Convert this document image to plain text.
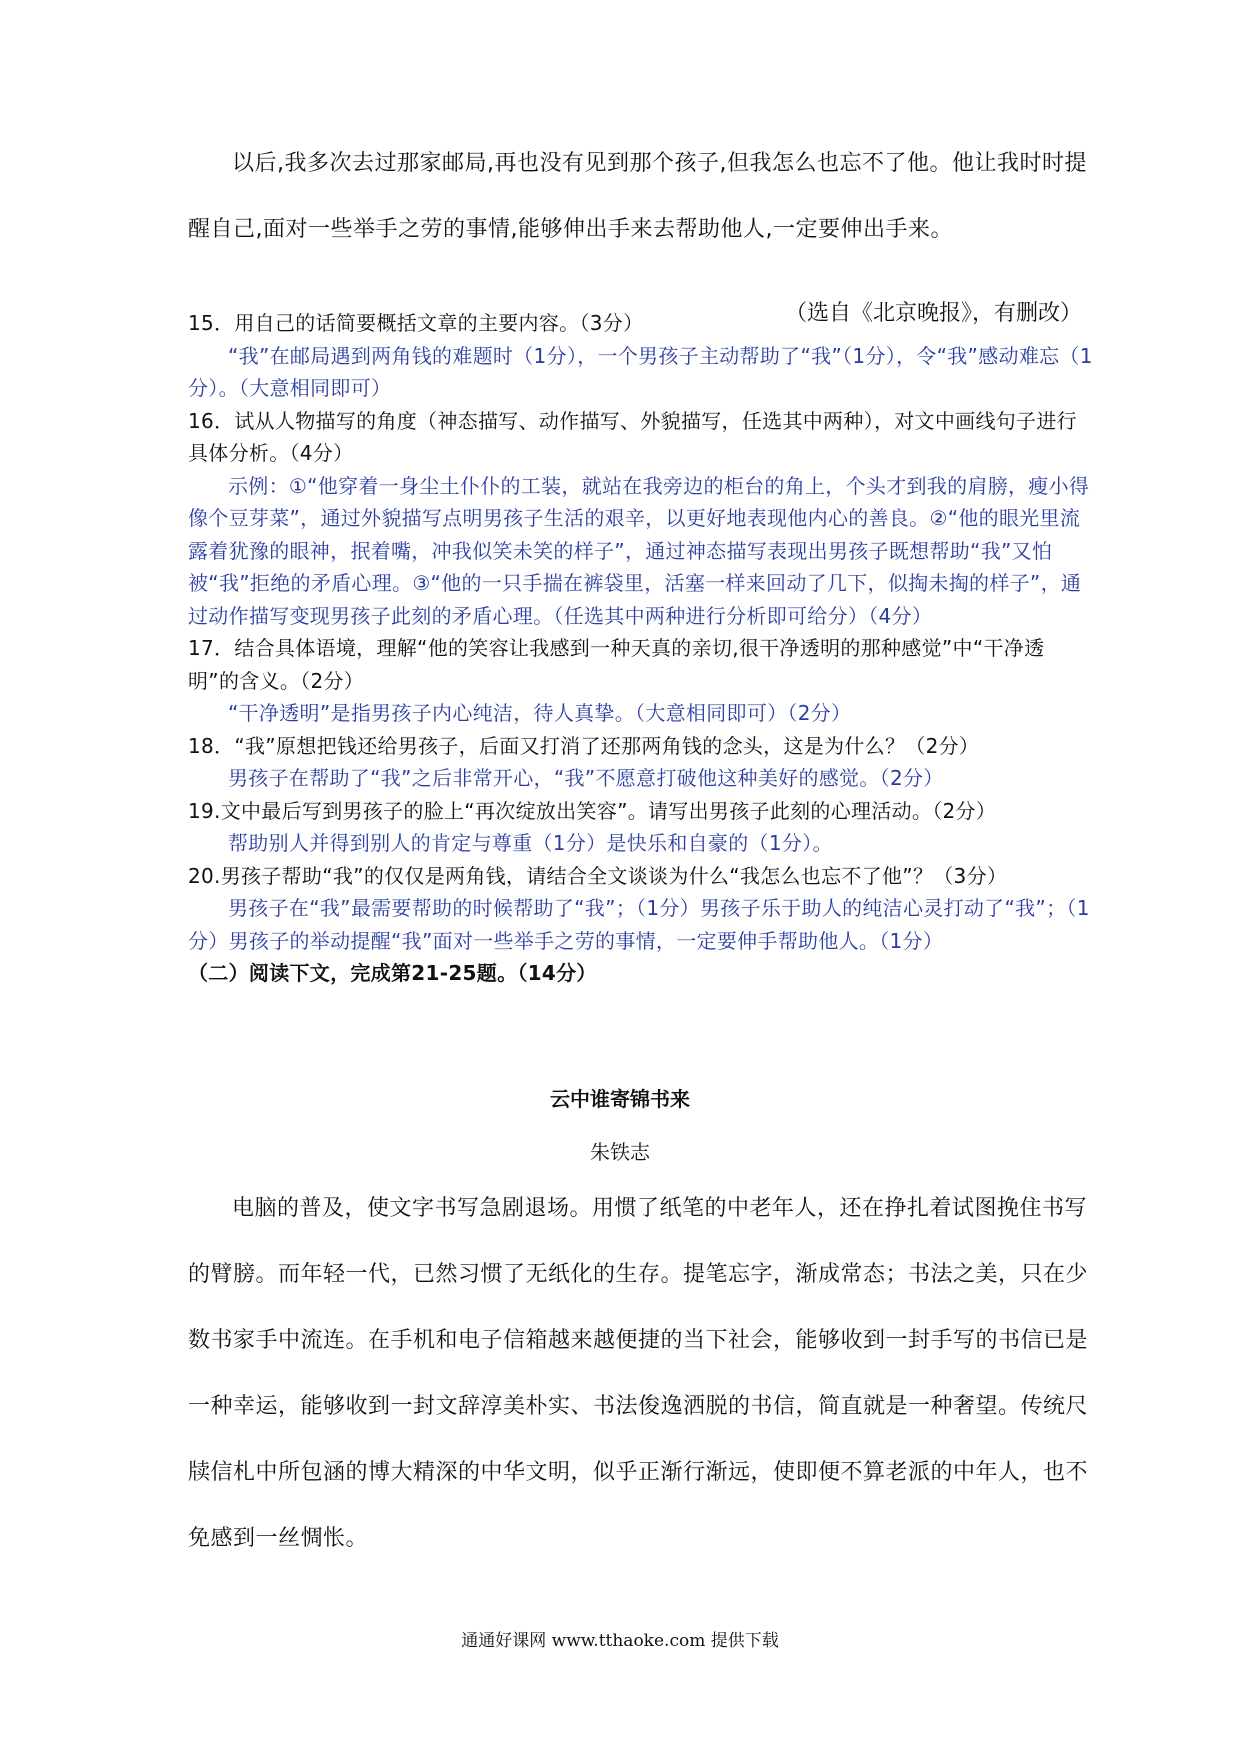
以后,我多次去过那家邮局,再也没有见到那个孩子,但我怎么也忘不了他。他让我时时提醒自己,面对一些举手之劳的事情,能够伸出手来去帮助他人,一定要伸出手来。

（选自《北京晚报》，有删改）

15．用自己的话简要概括文章的主要内容。（3分）

“我”在邮局遇到两角钱的难题时（1分），一个男孩子主动帮助了“我”（1分），令“我”感动难忘（1分）。（大意相同即可）

16．试从人物描写的角度（神态描写、动作描写、外貌描写，任选其中两种），对文中画线句子进行具体分析。（4分）

示例：①“他穿着一身尘土仆仆的工装，就站在我旁边的柜台的角上，个头才到我的肩膀，瘦小得像个豆芽菜”，通过外貌描写点明男孩子生活的艰辛，以更好地表现他内心的善良。②“他的眼光里流露着犹豫的眼神，抿着嘴，冲我似笑未笑的样子”，通过神态描写表现出男孩子既想帮助“我”又怕被“我”拒绝的矛盾心理。③“他的一只手揣在裤袋里，活塞一样来回动了几下，似掏未掏的样子”，通过动作描写变现男孩子此刻的矛盾心理。（任选其中两种进行分析即可给分）（4分）

17．结合具体语境，理解“他的笑容让我感到一种天真的亲切,很干净透明的那种感觉”中“干净透明”的含义。（2分）

“干净透明”是指男孩子内心纯洁，待人真挚。（大意相同即可）（2分）

18．“我”原想把钱还给男孩子，后面又打消了还那两角钱的念头，这是为什么？（2分）

男孩子在帮助了“我”之后非常开心，“我”不愿意打破他这种美好的感觉。（2分）

19.文中最后写到男孩子的脸上“再次绽放出笑容”。请写出男孩子此刻的心理活动。（2分）

帮助别人并得到别人的肯定与尊重（1分）是快乐和自豪的（1分）。

20.男孩子帮助“我”的仅仅是两角钱，请结合全文谈谈为什么“我怎么也忘不了他”？（3分）

男孩子在“我”最需要帮助的时候帮助了“我”；（1分）男孩子乐于助人的纯洁心灵打动了“我”；（1分）男孩子的举动提醒“我”面对一些举手之劳的事情，一定要伸手帮助他人。（1分）

（二）阅读下文，完成第21-25题。（14分）

云中谁寄锦书来

朱铁志

电脑的普及，使文字书写急剧退场。用惯了纸笔的中老年人，还在挣扎着试图挽住书写的臂膀。而年轻一代，已然习惯了无纸化的生存。提笔忘字，渐成常态；书法之美，只在少数书家手中流连。在手机和电子信箱越来越便捷的当下社会，能够收到一封手写的书信已是一种幸运，能够收到一封文辞淳美朴实、书法俊逸洒脱的书信，简直就是一种奢望。传统尺牍信札中所包涵的博大精深的中华文明，似乎正渐行渐远，使即便不算老派的中年人，也不免感到一丝惆怅。

通通好课网 www.tthaoke.com 提供下载
